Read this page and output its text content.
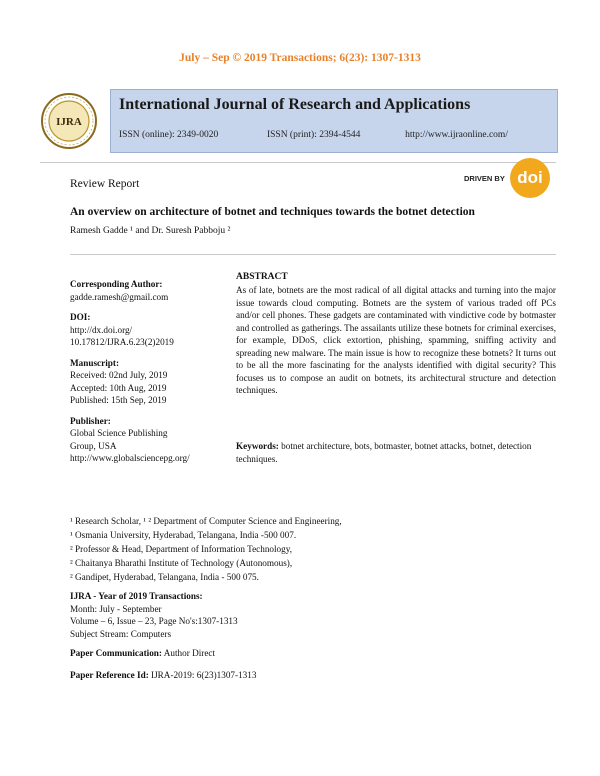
July – Sep © 2019 Transactions; 6(23): 1307-1313
IJRA
International Journal of Research and Applications
ISSN (online): 2349-0020	ISSN (print): 2394-4544	http://www.ijraonline.com/
Review Report	DRIVEN BY doi
An overview on architecture of botnet and techniques towards the botnet detection
Ramesh Gadde ¹ and Dr. Suresh Pabboju ²
Corresponding Author:
gadde.ramesh@gmail.com
DOI:
http://dx.doi.org/
10.17812/IJRA.6.23(2)2019
Manuscript:
Received: 02nd July, 2019
Accepted: 10th Aug, 2019
Published: 15th Sep, 2019
Publisher:
Global Science Publishing
Group, USA
http://www.globalsciencepg.org/
ABSTRACT
As of late, botnets are the most radical of all digital attacks and turning into the major issue towards cloud computing. Botnets are the system of various traded off PCs and/or cell phones. These gadgets are contaminated with vindictive code by botmaster and controlled as gatherings. The assailants utilize these botnets for criminal exercises, for example, DDoS, click extortion, phishing, spamming, sniffing activity and spreading new malware. The main issue is how to recognize these botnets? It turns out to be all the more fascinating for the analysts identified with digital security? This focuses us to compose an audit on botnets, its architectural structure and detection techniques.
Keywords: botnet architecture, bots, botmaster, botnet attacks, botnet, detection techniques.
¹ Research Scholar, ¹ ² Department of Computer Science and Engineering,
¹ Osmania University, Hyderabad, Telangana, India -500 007.
² Professor & Head, Department of Information Technology,
² Chaitanya Bharathi Institute of Technology (Autonomous),
² Gandipet, Hyderabad, Telangana, India - 500 075.
IJRA - Year of 2019 Transactions:
Month: July - September
Volume – 6, Issue – 23, Page No's:1307-1313
Subject Stream: Computers
Paper Communication: Author Direct
Paper Reference Id: IJRA-2019: 6(23)1307-1313
